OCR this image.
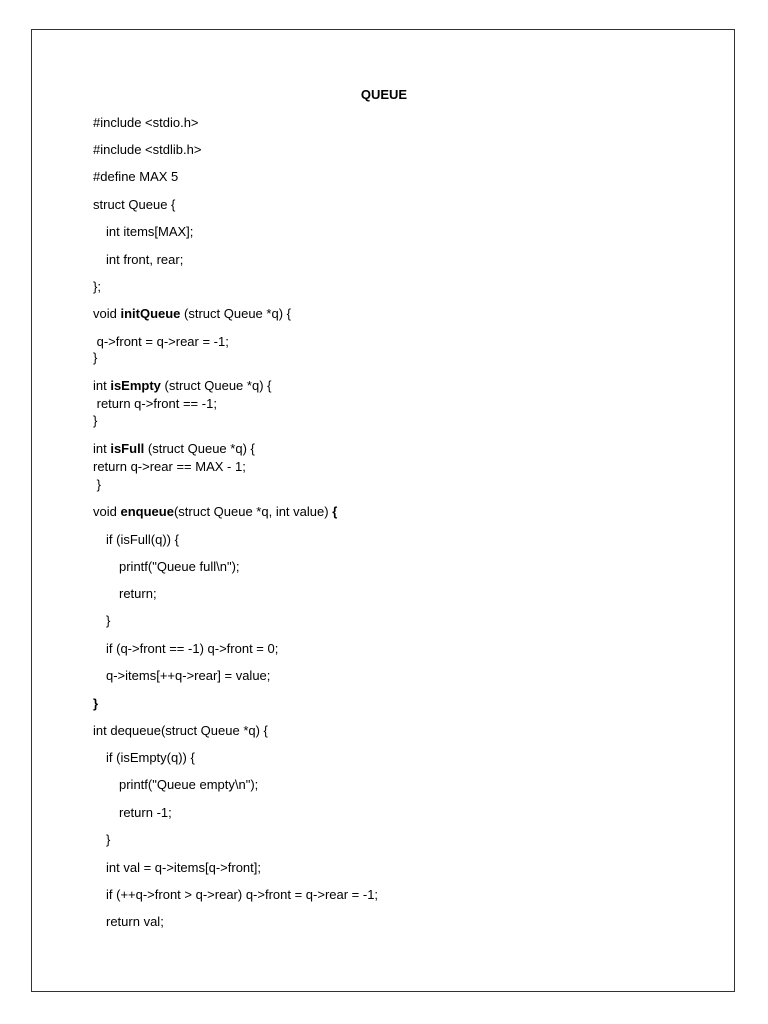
QUEUE
#include <stdio.h>
#include <stdlib.h>
#define MAX 5
struct Queue {
int items[MAX];
int front, rear;
};
void initQueue (struct Queue *q) {
q->front = q->rear = -1;
}
int isEmpty (struct Queue *q) {
return q->front == -1;
}
int isFull (struct Queue *q) {
return q->rear == MAX - 1;
}
void enqueue(struct Queue *q, int value) {
if (isFull(q)) {
printf("Queue full\n");
return;
}
if (q->front == -1) q->front = 0;
q->items[++q->rear] = value;
}
int dequeue(struct Queue *q) {
if (isEmpty(q)) {
printf("Queue empty\n");
return -1;
}
int val = q->items[q->front];
if (++q->front > q->rear) q->front = q->rear = -1;
return val;
